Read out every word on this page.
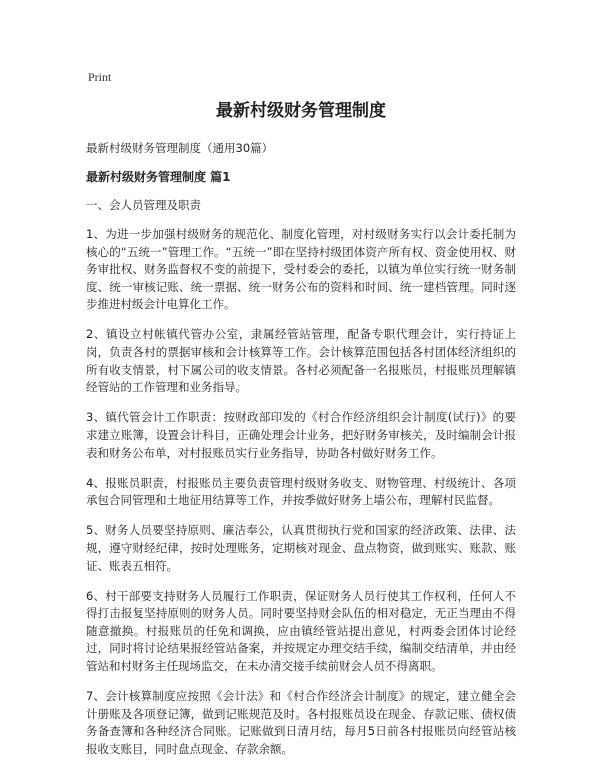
Print
最新村级财务管理制度
最新村级财务管理制度（通用30篇）
最新村级财务管理制度 篇1
一、会人员管理及职责
1、为进一步加强村级财务的规范化、制度化管理，对村级财务实行以会计委托制为核心的“五统一”管理工作。“五统一”即在坚持村级团体资产所有权、资金使用权、财务审批权、财务监督权不变的前提下，受村委会的委托，以镇为单位实行统一财务制度、统一审核记账、统一票据、统一财务公布的资料和时间、统一建档管理。同时逐步推进村级会计电算化工作。
2、镇设立村帐镇代管办公室，隶属经管站管理，配备专职代理会计，实行持证上岗，负责各村的票据审核和会计核算等工作。会计核算范围包括各村团体经济组织的所有收支情景，村下属公司的收支情景。各村必须配备一名报账员，村报账员理解镇经管站的工作管理和业务指导。
3、镇代管会计工作职责：按财政部印发的《村合作经济组织会计制度(试行)》的要求建立账簿，设置会计科目，正确处理会计业务，把好财务审核关，及时编制会计报表和财务公布单，对村报账员实行业务指导，协助各村做好财务工作。
4、报账员职责，村报账员主要负责管理村级财务收支、财物管理、村级统计、各项承包合同管理和土地征用结算等工作，并按季做好财务上墙公布，理解村民监督。
5、财务人员要坚持原则、廉洁奉公，认真贯彻执行党和国家的经济政策、法律、法规，遵守财经纪律，按时处理账务，定期核对现金、盘点物资，做到账实、账款、账证、账表五相符。
6、村干部要支持财务人员履行工作职责，保证财务人员行使其工作权利，任何人不得打击报复坚持原则的财务人员。同时要坚持财会队伍的相对稳定，无正当理由不得随意撤换。村报账员的任免和调换，应由镇经管站提出意见，村两委会团体讨论经过，同时将讨论结果报经管站备案，并按规定办理交结手续，编制交结清单，并由经管站和村财务主任现场监交，在未办清交接手续前财会人员不得离职。
7、会计核算制度应按照《会计法》和《村合作经济会计制度》的规定，建立健全会计册账及各项登记簿，做到记账规范及时。各村报账员设在现金、存款记账、债权债务备查簿和各种经济合同账。记账做到日清月结，每月5日前各村报账员向经管站核报收支账目，同时盘点现金、存款余额。
